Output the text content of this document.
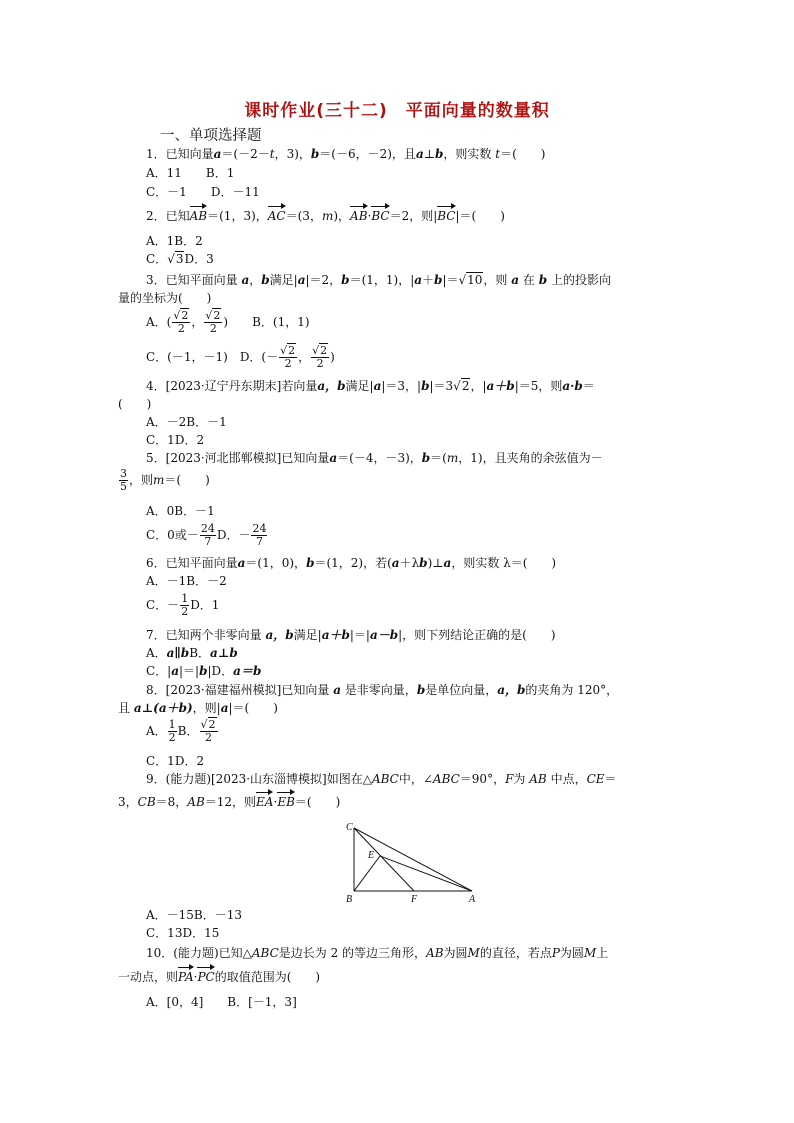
课时作业(三十二)　平面向量的数量积
一、单项选择题
1．已知向量a＝(－2－t，3)，b＝(－6，－2)，且a⊥b，则实数 t＝(　　)
A．11　　B．1
C．－1　　D．－11
2．已知AB＝(1，3)，AC＝(3，m)，AB·BC＝2，则|BC|＝(　　)
A．1B．2
C．√3D．3
3．已知平面向量 a，b满足|a|＝2，b＝(1，1)，|a＋b|＝√10，则 a 在 b 上的投影向
量的坐标为(　　)
A．( $\frac{√2}{2}$ ， $\frac{√2}{2}$ )　　B．(1，1)
C．(－1，－1)　D．(－ $\frac{√2}{2}$ ， $\frac{√2}{2}$ )
4．[2023·辽宁丹东期末]若向量a，b满足|a|＝3，|b|＝3√2，|a＋b|＝5，则a·b＝
(　　)
A．－2B．－1
C．1D．2
5．[2023·河北邯郸模拟]已知向量a＝(－4，－3)，b＝(m，1)，且夹角的余弦值为－
$\frac{3}{5}$ ，则m＝(　　)
A．0B．－1
C．0或－ $\frac{24}{7}$ D．－ $\frac{24}{7}$
6．已知平面向量a＝(1，0)，b＝(1，2)，若(a＋λb)⊥a，则实数 λ＝(　　)
A．－1B．－2
C．－ $\frac{1}{2}$ D．1
7．已知两个非零向量 a，b满足|a＋b|＝|a－b|，则下列结论正确的是(　　)
A．a∥bB．a⊥b
C．|a|＝|b|D．a＝b
8．[2023·福建福州模拟]已知向量 a 是非零向量，b是单位向量，a，b的夹角为 120°，
且 a⊥(a＋b)，则|a|＝(　　)
A． $\frac{1}{2}$ B． $\frac{√2}{2}$
C．1D．2
9．(能力题)[2023·山东淄博模拟]如图在△ABC中，∠ABC＝90°，F为 AB 中点，CE＝
3，CB＝8，AB＝12，则EA·EB＝(　　)
C
E
B	F	A
A．－15B．－13
C．13D．15
10．(能力题)已知△ABC是边长为 2 的等边三角形，AB为圆M的直径，若点P为圆M上
一动点，则PA·PC的取值范围为(　　)
A．[0，4]　　B．[－1，3]
